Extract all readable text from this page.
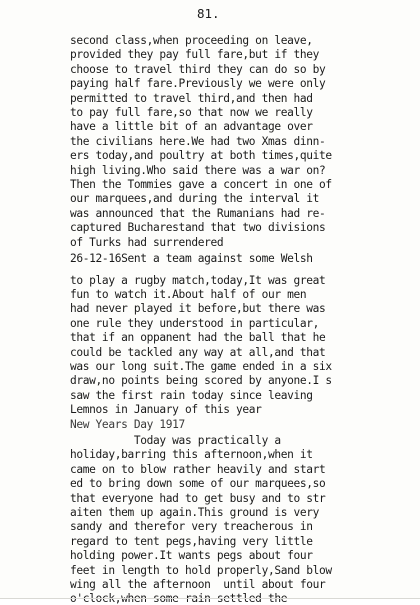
81.

second class,when proceeding on leave,

provided they pay full fare,but if they

choose to travel third they can do so by

paying half fare.Previously we were only

permitted to travel third,and then had

to pay full fare,so that now we really

have a little bit of an advantage over

the civilians here.We had two Xmas dinn-

ers today,and poultry at both times,quite

high living.Who said there was a war on?

Then the Tommies gave a concert in one of

our marquees,and during the interval it

was announced that the Rumanians had re-

captured Bucharestand that two divisions

of Turks had surrendered

26-12-16Sent a team against some Welsh

to play a rugby match,today,It was great

fun to watch it.About half of our men

had never played it before,but there was

one rule they understood in particular,

that if an oppanent had the ball that he

could be tackled any way at all,and that

was our long suit.The game ended in a six

draw,no points being scored by anyone.I s

saw the first rain today since leaving

Lemnos in January of this year

New Years Day 1917

Today was practically a

holiday,barring this afternoon,when it

came on to blow rather heavily and start

ed to bring down some of our marquees,so

that everyone had to get busy and to str

aiten them up again.This ground is very

sandy and therefor very treacherous in

regard to tent pegs,having very little

holding power.It wants pegs about four

feet in length to hold properly,Sand blow

wing all the afternoon  until about four
